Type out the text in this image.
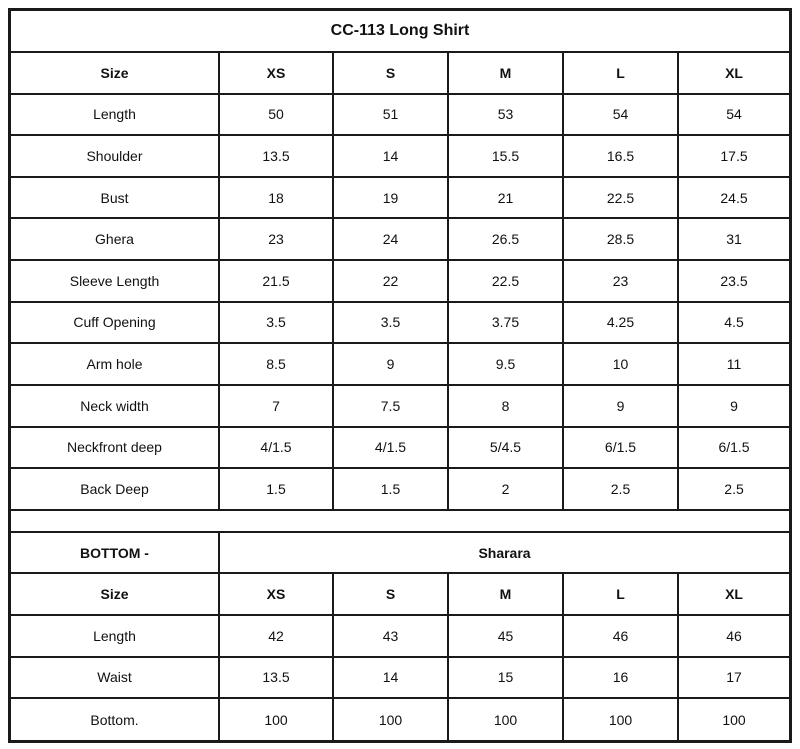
CC-113 Long Shirt					
Size	XS	S	M	L	XL
Length	50	51	53	54	54
Shoulder	13.5	14	15.5	16.5	17.5
Bust	18	19	21	22.5	24.5
Ghera	23	24	26.5	28.5	31
Sleeve Length	21.5	22	22.5	23	23.5
Cuff Opening	3.5	3.5	3.75	4.25	4.5
Arm hole	8.5	9	9.5	10	11
Neck width	7	7.5	8	9	9
Neckfront deep	4/1.5	4/1.5	5/4.5	6/1.5	6/1.5
Back Deep	1.5	1.5	2	2.5	2.5

BOTTOM -	Sharara				
Size	XS	S	M	L	XL
Length	42	43	45	46	46
Waist	13.5	14	15	16	17
Bottom.	100	100	100	100	100
